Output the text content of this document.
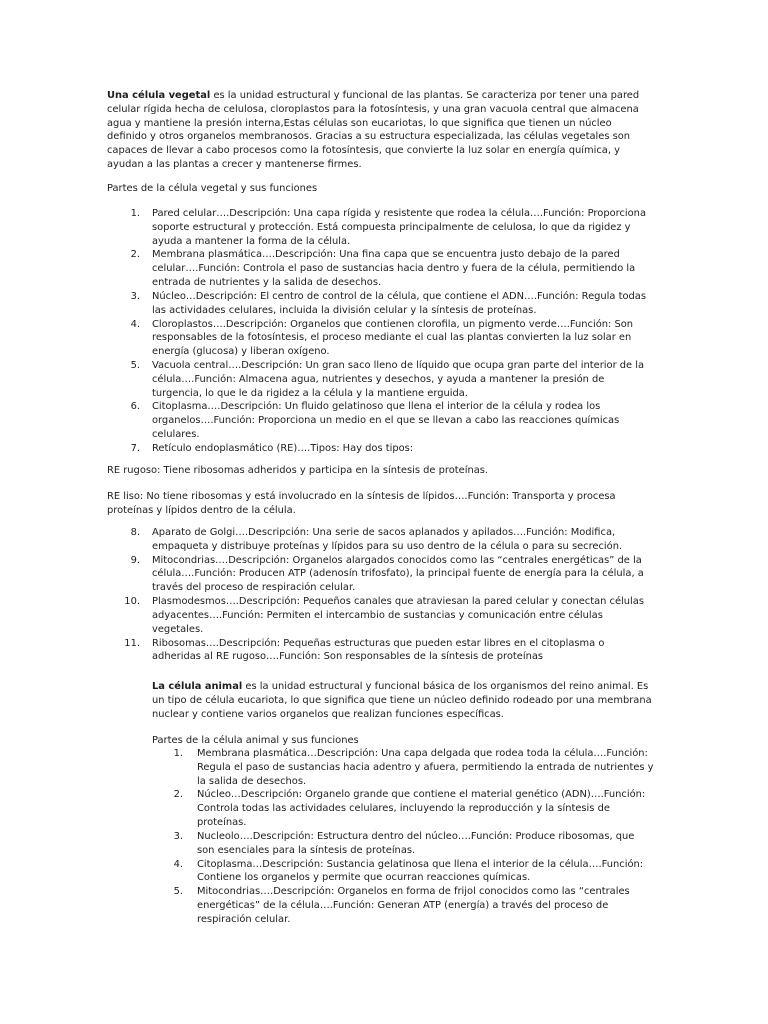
Una célula vegetal es la unidad estructural y funcional de las plantas. Se caracteriza por tener una pared
celular rígida hecha de celulosa, cloroplastos para la fotosíntesis, y una gran vacuola central que almacena
agua y mantiene la presión interna,Estas células son eucariotas, lo que significa que tienen un núcleo
definido y otros organelos membranosos. Gracias a su estructura especializada, las células vegetales son
capaces de llevar a cabo procesos como la fotosíntesis, que convierte la luz solar en energía química, y
ayudan a las plantas a crecer y mantenerse firmes.
Partes de la célula vegetal y sus funciones
1. Pared celular….Descripción: Una capa rígida y resistente que rodea la célula….Función: Proporciona
soporte estructural y protección. Está compuesta principalmente de celulosa, lo que da rigidez y
ayuda a mantener la forma de la célula.
2. Membrana plasmática….Descripción: Una fina capa que se encuentra justo debajo de la pared
celular….Función: Controla el paso de sustancias hacia dentro y fuera de la célula, permitiendo la
entrada de nutrientes y la salida de desechos.
3. Núcleo…Descripción: El centro de control de la célula, que contiene el ADN….Función: Regula todas
las actividades celulares, incluida la división celular y la síntesis de proteínas.
4. Cloroplastos….Descripción: Organelos que contienen clorofila, un pigmento verde….Función: Son
responsables de la fotosíntesis, el proceso mediante el cual las plantas convierten la luz solar en
energía (glucosa) y liberan oxígeno.
5. Vacuola central….Descripción: Un gran saco lleno de líquido que ocupa gran parte del interior de la
célula….Función: Almacena agua, nutrientes y desechos, y ayuda a mantener la presión de
turgencia, lo que le da rigidez a la célula y la mantiene erguida.
6. Citoplasma….Descripción: Un fluido gelatinoso que llena el interior de la célula y rodea los
organelos….Función: Proporciona un medio en el que se llevan a cabo las reacciones químicas
celulares.
7. Retículo endoplasmático (RE)….Tipos: Hay dos tipos:
RE rugoso: Tiene ribosomas adheridos y participa en la síntesis de proteínas.
RE liso: No tiene ribosomas y está involucrado en la síntesis de lípidos….Función: Transporta y procesa
proteínas y lípidos dentro de la célula.
8. Aparato de Golgi….Descripción: Una serie de sacos aplanados y apilados….Función: Modifica,
empaqueta y distribuye proteínas y lípidos para su uso dentro de la célula o para su secreción.
9. Mitocondrias….Descripción: Organelos alargados conocidos como las “centrales energéticas” de la
célula….Función: Producen ATP (adenosín trifosfato), la principal fuente de energía para la célula, a
través del proceso de respiración celular.
10. Plasmodesmos….Descripción: Pequeños canales que atraviesan la pared celular y conectan células
adyacentes….Función: Permiten el intercambio de sustancias y comunicación entre células
vegetales.
11. Ribosomas….Descripción: Pequeñas estructuras que pueden estar libres en el citoplasma o
adheridas al RE rugoso….Función: Son responsables de la síntesis de proteínas
La célula animal es la unidad estructural y funcional básica de los organismos del reino animal. Es
un tipo de célula eucariota, lo que significa que tiene un núcleo definido rodeado por una membrana
nuclear y contiene varios organelos que realizan funciones específicas.
Partes de la célula animal y sus funciones
1. Membrana plasmática…Descripción: Una capa delgada que rodea toda la célula….Función:
Regula el paso de sustancias hacia adentro y afuera, permitiendo la entrada de nutrientes y
la salida de desechos.
2. Núcleo…Descripción: Organelo grande que contiene el material genético (ADN)….Función:
Controla todas las actividades celulares, incluyendo la reproducción y la síntesis de
proteínas.
3. Nucleolo….Descripción: Estructura dentro del núcleo….Función: Produce ribosomas, que
son esenciales para la síntesis de proteínas.
4. Citoplasma…Descripción: Sustancia gelatinosa que llena el interior de la célula….Función:
Contiene los organelos y permite que ocurran reacciones químicas.
5. Mitocondrias….Descripción: Organelos en forma de frijol conocidos como las “centrales
energéticas” de la célula….Función: Generan ATP (energía) a través del proceso de
respiración celular.
